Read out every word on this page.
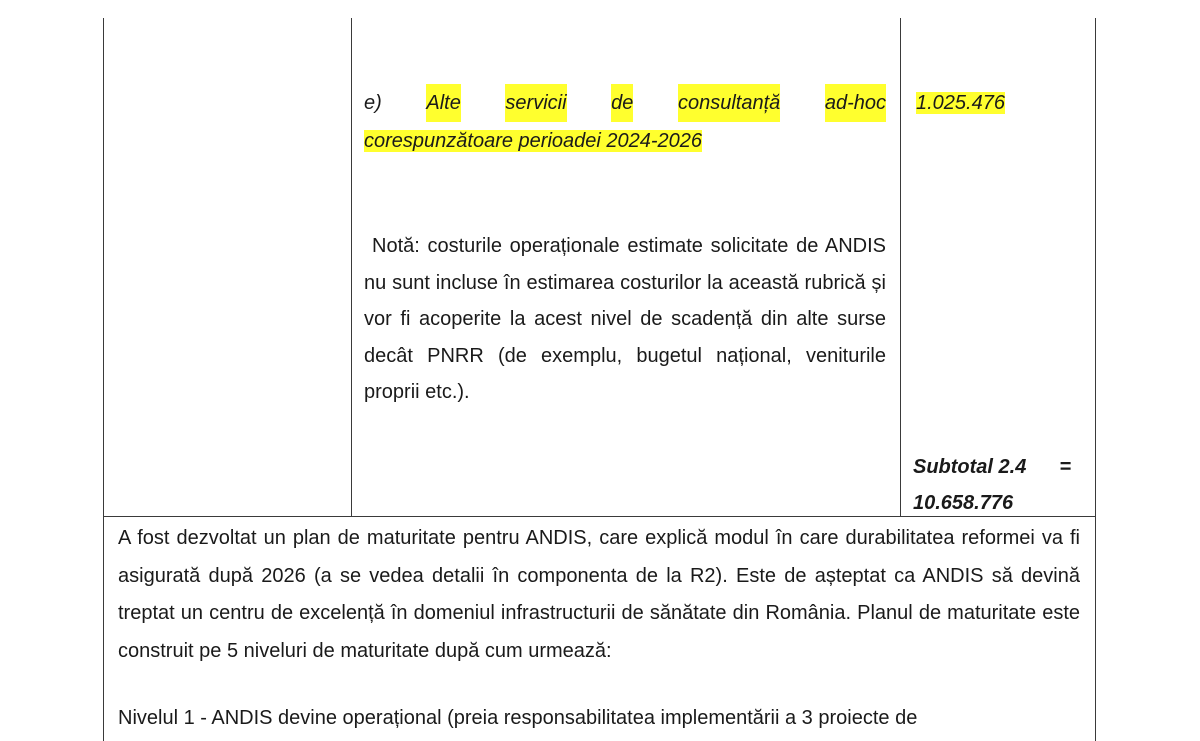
e) Alte servicii de consultanță ad-hoc
corespunzătoare perioadei 2024-2026
1.025.476
Notă: costurile operaționale estimate solicitate de ANDIS nu sunt incluse în estimarea costurilor la această rubrică și vor fi acoperite la acest nivel de scadență din alte surse decât PNRR (de exemplu, bugetul național, veniturile proprii etc.).
Subtotal 2.4 =
10.658.776
A fost dezvoltat un plan de maturitate pentru ANDIS, care explică modul în care durabilitatea reformei va fi asigurată după 2026 (a se vedea detalii în componenta de la R2). Este de așteptat ca ANDIS să devină treptat un centru de excelență în domeniul infrastructurii de sănătate din România. Planul de maturitate este construit pe 5 niveluri de maturitate după cum urmează:
Nivelul 1 - ANDIS devine operațional (preia responsabilitatea implementării a 3 proiecte de
